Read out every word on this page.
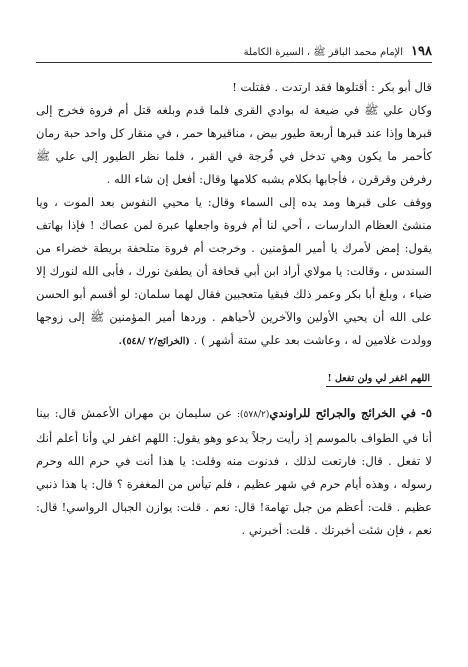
١٩٨
الإمام محمد الباقر ﷺ ، السيرة الكاملة

قال أبو بكر : أقتلوها فقد ارتدت . فقتلت !

وكان علي ﷺ في ضيعة له بوادي القرى فلما قدم وبلغه قتل أم فروة فخرج إلى قبرها وإذا عند قبرها أربعة طيور بيض ، مناقيرها حمر ، في منقار كل واحد حبة رمان كأحمر ما يكون وهي تدخل في فُرجة في القبر ، فلما نظر الطيور إلى علي ﷺ رفرفن وقرقرن ، فأجابها بكلام يشبه كلامها وقال: أفعل إن شاء الله .

ووقف على قبرها ومد يده إلى السماء وقال: يا محيي النفوس بعد الموت ، ويا منشئ العظام الدارسات ، أحي لنا أم فروة واجعلها عبرة لمن عصاك ! فإذا بهاتف يقول: إمض لأمرك يا أمير المؤمنين . وخرجت أم فروة متلحفة بريطة خضراء من السندس ، وقالت: يا مولاي أراد ابن أبي قحافة أن يطفئ نورك ، فأبى الله لنورك إلا ضياء ، وبلغ أبا بكر وعمر ذلك فبقيا متعجبين فقال لهما سلمان: لو أقسم أبو الحسن على الله أن يحيي الأولين والآخرين لأحياهم . وردها أمير المؤمنين ﷺ إلى زوجها وولدت غلامين له ، وعاشت بعد علي ستة أشهر ) . (الخرائج/٢ /٥٤٨).

اللهم اغفر لي ولن تفعل !

٥- في الخرائج والجرائح للراوندي(٥٧٨/٢): عن سليمان بن مهران الأعمش قال: بينا أنا في الطواف بالموسم إذ رأيت رجلاً يدعو وهو يقول: اللهم اغفر لي وأنا أعلم أنك لا تفعل . قال: فارتعت لذلك ، فدنوت منه وقلت: يا هذا أنت في حرم الله وحرم رسوله ، وهذه أيام حرم في شهر عظيم ، فلم تيأس من المغفرة ؟ قال: يا هذا ذنبي عظيم . قلت: أعظم من جبل تهامة! قال: نعم . قلت: يوازن الجبال الرواسي! قال: نعم ، فإن شئت أخبرتك . قلت: أخبرني .
